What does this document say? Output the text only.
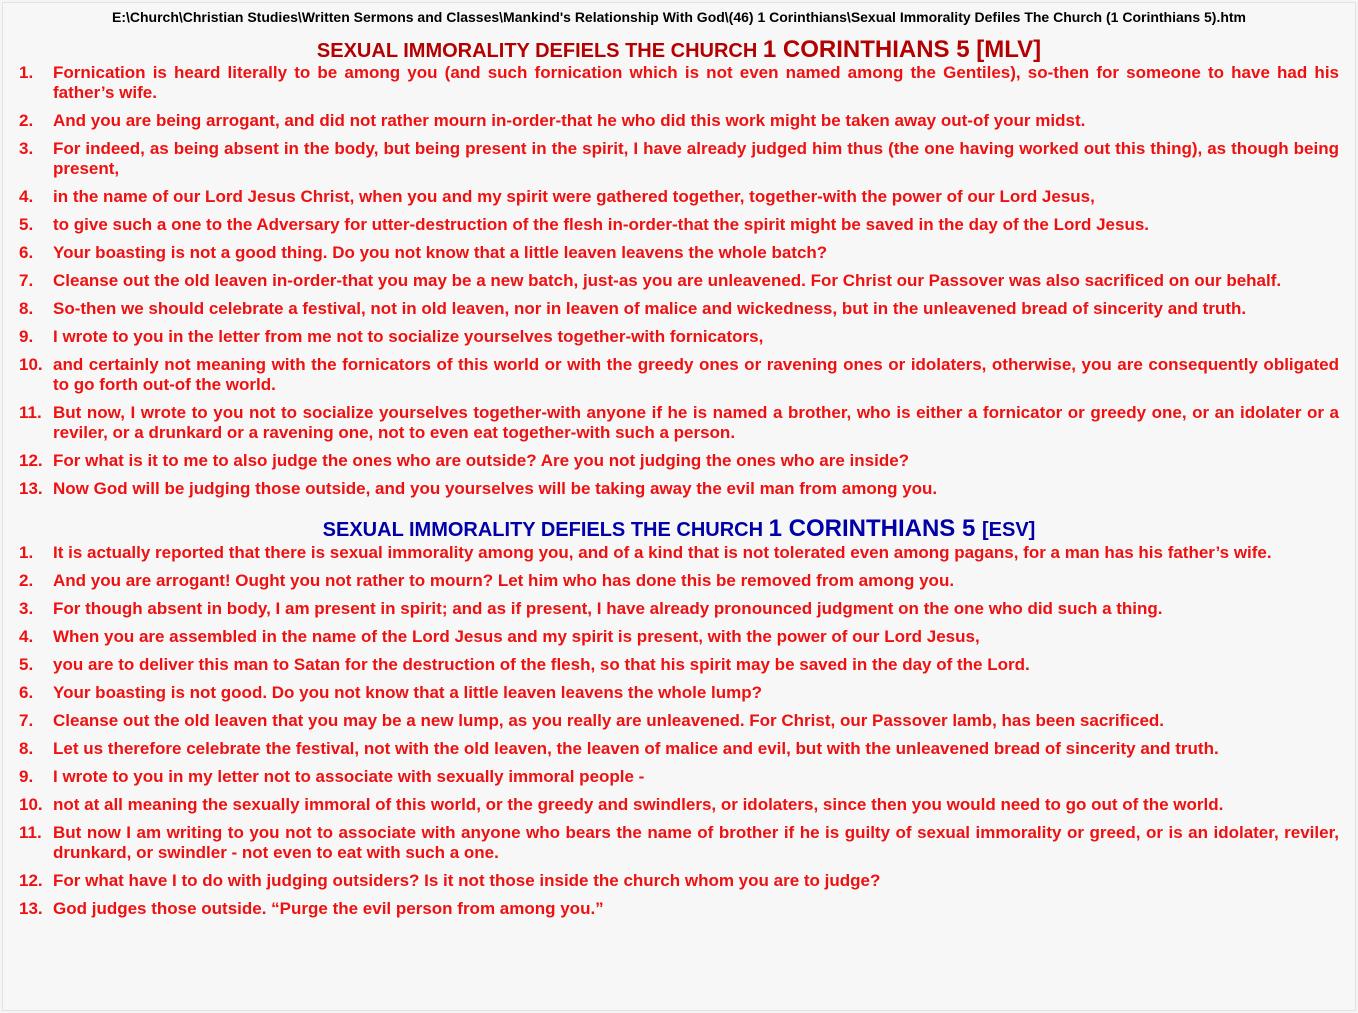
E:\Church\Christian Studies\Written Sermons and Classes\Mankind's Relationship With God\(46) 1 Corinthians\Sexual Immorality Defiles The Church (1 Corinthians 5).htm
SEXUAL IMMORALITY DEFIELS THE CHURCH 1 CORINTHIANS 5 [MLV]
1.	Fornication is heard literally to be among you (and such fornication which is not even named among the Gentiles), so-then for someone to have had his father’s wife.
2.	And you are being arrogant, and did not rather mourn in-order-that he who did this work might be taken away out-of your midst.
3.	For indeed, as being absent in the body, but being present in the spirit, I have already judged him thus (the one having worked out this thing), as though being present,
4.	in the name of our Lord Jesus Christ, when you and my spirit were gathered together, together-with the power of our Lord Jesus,
5.	to give such a one to the Adversary for utter-destruction of the flesh in-order-that the spirit might be saved in the day of the Lord Jesus.
6.	Your boasting is not a good thing. Do you not know that a little leaven leavens the whole batch?
7.	Cleanse out the old leaven in-order-that you may be a new batch, just-as you are unleavened. For Christ our Passover was also sacrificed on our behalf.
8.	So-then we should celebrate a festival, not in old leaven, nor in leaven of malice and wickedness, but in the unleavened bread of sincerity and truth.
9.	I wrote to you in the letter from me not to socialize yourselves together-with fornicators,
10. and certainly not meaning with the fornicators of this world or with the greedy ones or ravening ones or idolaters, otherwise, you are consequently obligated to go forth out-of the world.
11. But now, I wrote to you not to socialize yourselves together-with anyone if he is named a brother, who is either a fornicator or greedy one, or an idolater or a reviler, or a drunkard or a ravening one, not to even eat together-with such a person.
12. For what is it to me to also judge the ones who are outside? Are you not judging the ones who are inside?
13. Now God will be judging those outside, and you yourselves will be taking away the evil man from among you.
SEXUAL IMMORALITY DEFIELS THE CHURCH 1 CORINTHIANS 5 [ESV]
1.	It is actually reported that there is sexual immorality among you, and of a kind that is not tolerated even among pagans, for a man has his father’s wife.
2.	And you are arrogant! Ought you not rather to mourn? Let him who has done this be removed from among you.
3.	For though absent in body, I am present in spirit; and as if present, I have already pronounced judgment on the one who did such a thing.
4.	When you are assembled in the name of the Lord Jesus and my spirit is present, with the power of our Lord Jesus,
5.	you are to deliver this man to Satan for the destruction of the flesh, so that his spirit may be saved in the day of the Lord.
6.	Your boasting is not good. Do you not know that a little leaven leavens the whole lump?
7.	Cleanse out the old leaven that you may be a new lump, as you really are unleavened. For Christ, our Passover lamb, has been sacrificed.
8.	Let us therefore celebrate the festival, not with the old leaven, the leaven of malice and evil, but with the unleavened bread of sincerity and truth.
9.	I wrote to you in my letter not to associate with sexually immoral people -
10. not at all meaning the sexually immoral of this world, or the greedy and swindlers, or idolaters, since then you would need to go out of the world.
11. But now I am writing to you not to associate with anyone who bears the name of brother if he is guilty of sexual immorality or greed, or is an idolater, reviler, drunkard, or swindler - not even to eat with such a one.
12. For what have I to do with judging outsiders? Is it not those inside the church whom you are to judge?
13. God judges those outside. “Purge the evil person from among you.”
